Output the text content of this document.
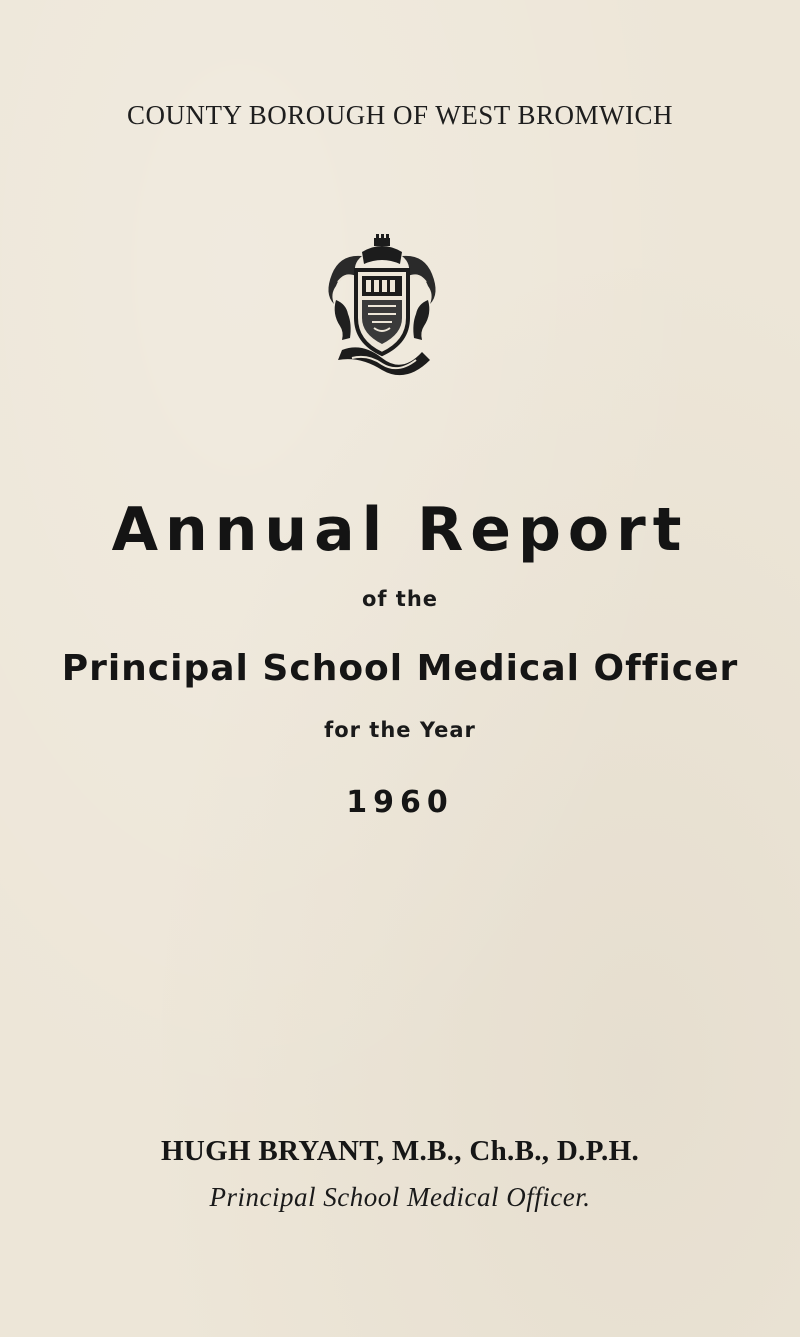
COUNTY BOROUGH OF WEST BROMWICH
Annual Report
of the
Principal School Medical Officer
for the Year
1960
HUGH BRYANT, M.B., Ch.B., D.P.H.
Principal School Medical Officer.
